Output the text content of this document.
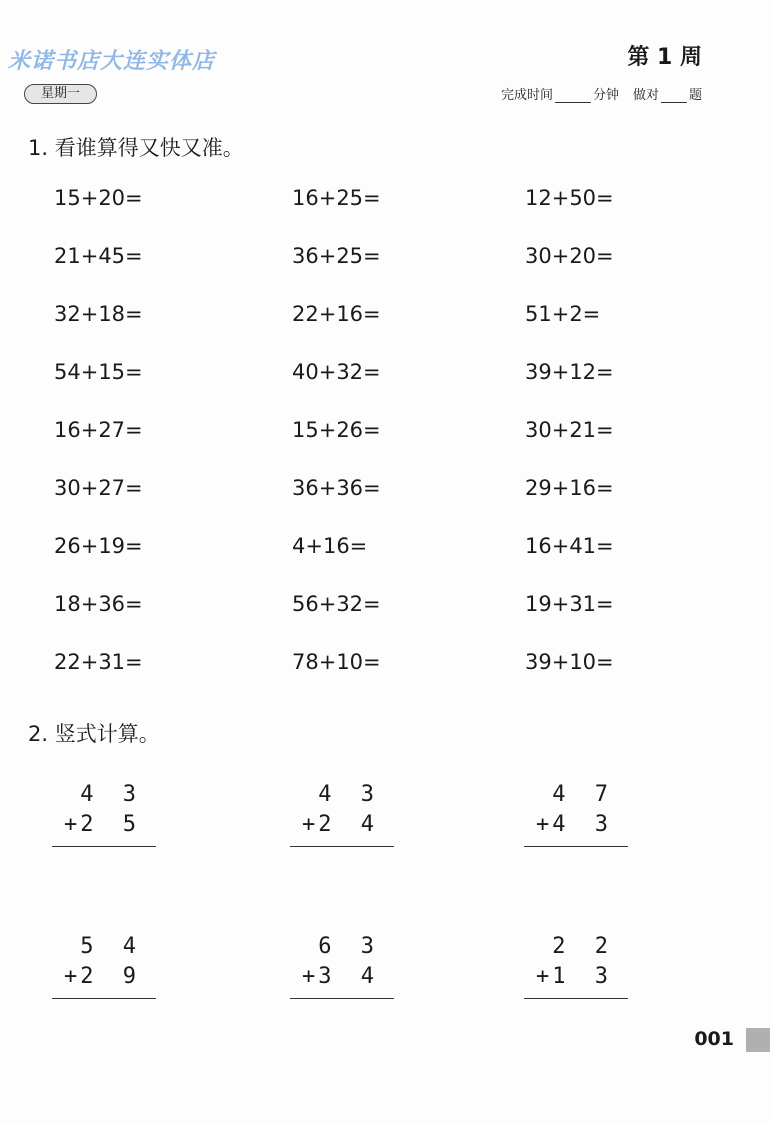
米诺书店大连实体店	第 1 周
星期一	完成时间	分钟 做对 题
1. 看谁算得又快又准。
15+20=	16+25=	12+50=
21+45=	36+25=	30+20=
32+18=	22+16=	51+2=
54+15=	40+32=	39+12=
16+27=	15+26=	30+21=
30+27=	36+36=	29+16=
26+19=	4+16=	16+41=
18+36=	56+32=	19+31=
22+31=	78+10=	39+10=
2. 竖式计算。
4 3
+ 2 5
4 3
+ 2 4
4 7
+ 4 3
5 4
+ 2 9
6 3
+ 3 4
2 2
+ 1 3
001
